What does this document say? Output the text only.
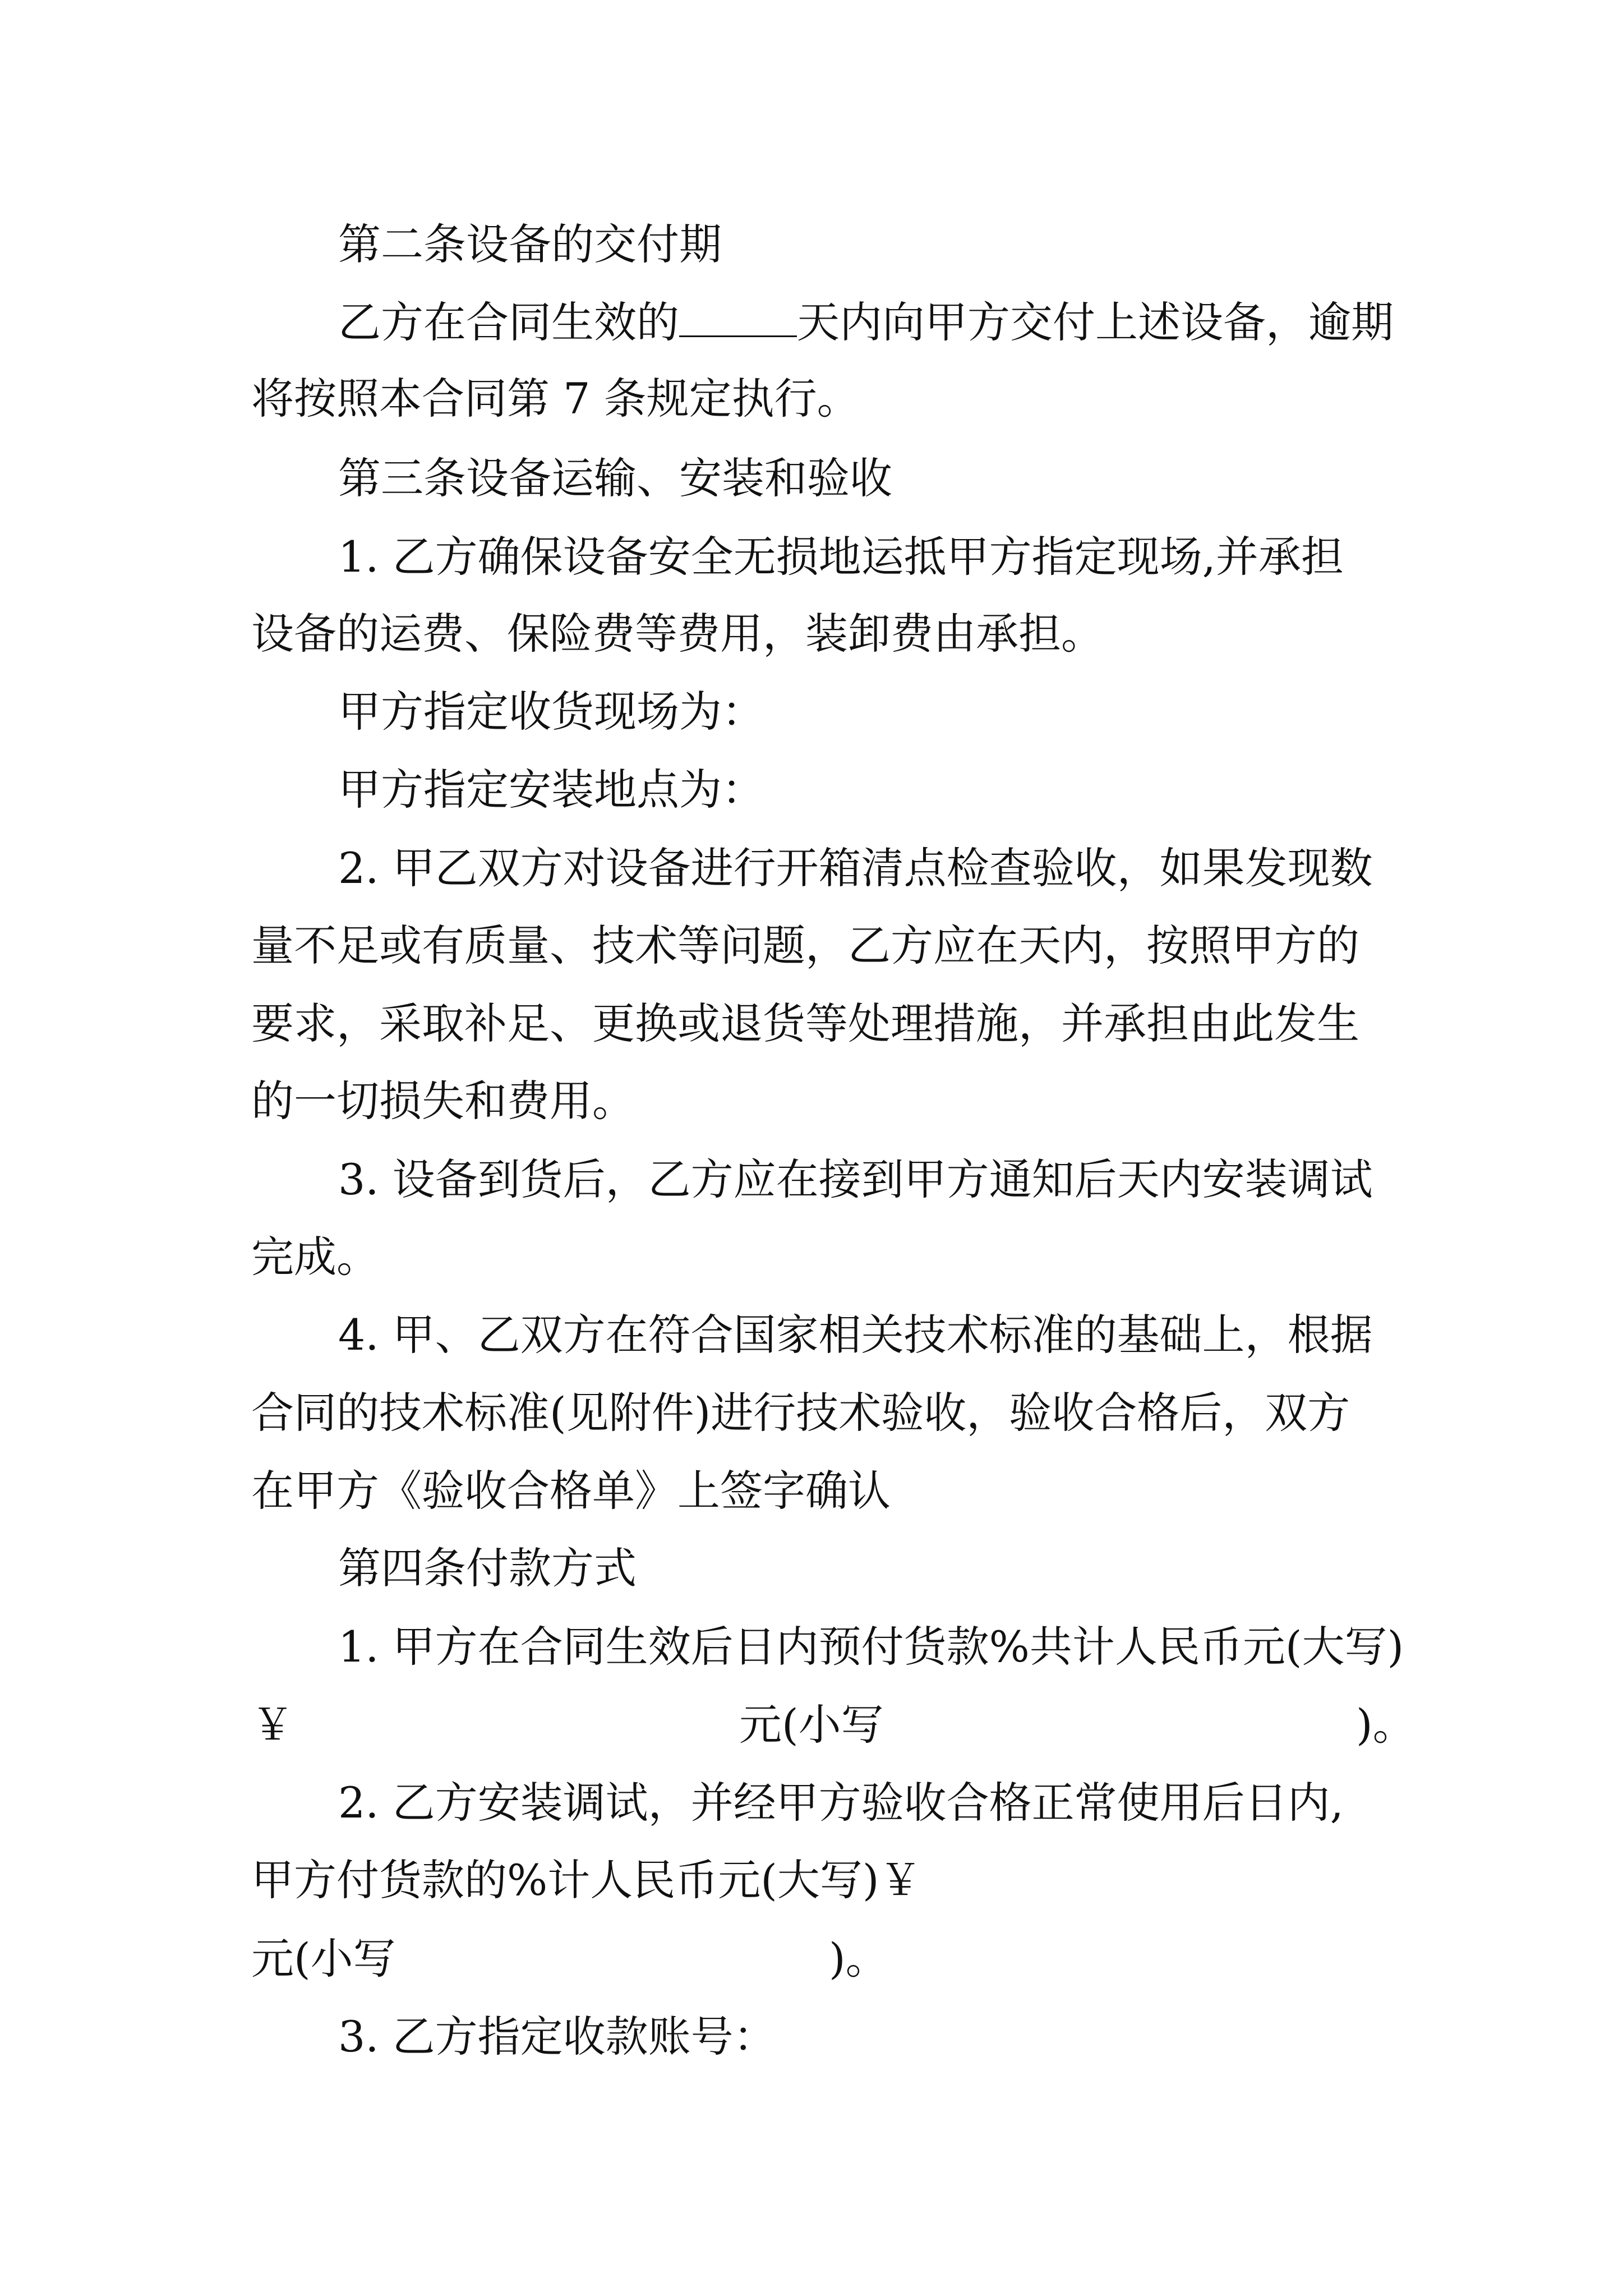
第二条设备的交付期
乙方在合同生效的	天内向甲方交付上述设备，逾期
将按照本合同第 7 条规定执行。
第三条设备运输、安装和验收
1. 乙方确保设备安全无损地运抵甲方指定现场,并承担
设备的运费、保险费等费用，装卸费由承担。
甲方指定收货现场为：
甲方指定安装地点为：
2. 甲乙双方对设备进行开箱清点检查验收，如果发现数
量不足或有质量、技术等问题，乙方应在天内，按照甲方的
要求，采取补足、更换或退货等处理措施，并承担由此发生
的一切损失和费用。
3. 设备到货后，乙方应在接到甲方通知后天内安装调试
完成。
4. 甲、乙双方在符合国家相关技术标准的基础上，根据
合同的技术标准(见附件)进行技术验收，验收合格后，双方
在甲方《验收合格单》上签字确认
第四条付款方式
1. 甲方在合同生效后日内预付货款%共计人民币元(大写)
￥	元(小写	)。
2. 乙方安装调试，并经甲方验收合格正常使用后日内,
甲方付货款的%计人民币元(大写)￥
元(小写	)。
3. 乙方指定收款账号：
